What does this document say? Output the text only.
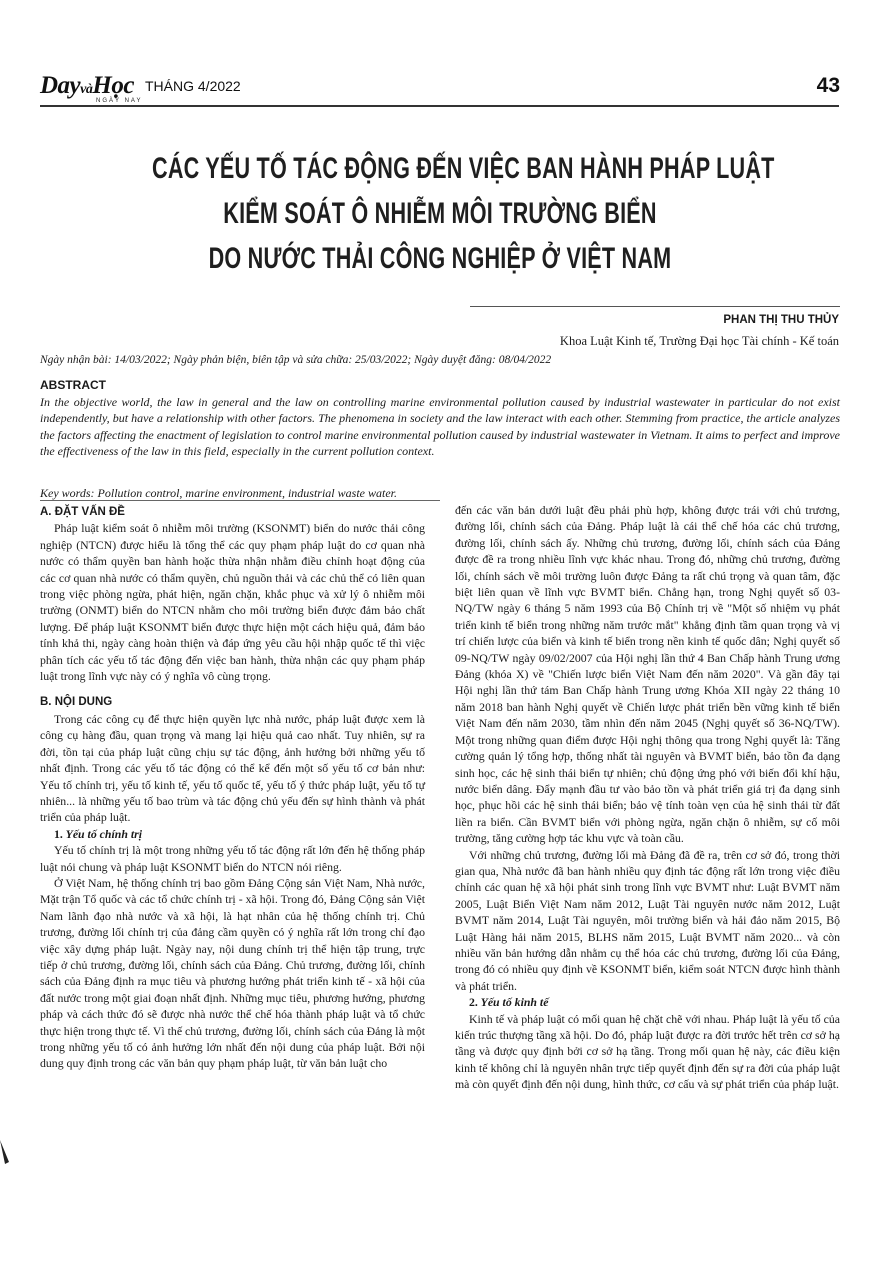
DayvàHọc
NGÀY NAY
THÁNG 4/2022	43
CÁC YẾU TỐ TÁC ĐỘNG ĐẾN VIỆC BAN HÀNH PHÁP LUẬT
KIỂM SOÁT Ô NHIỄM MÔI TRƯỜNG BIỂN
DO NƯỚC THẢI CÔNG NGHIỆP Ở VIỆT NAM
PHAN THỊ THU THỦY
Khoa Luật Kinh tế, Trường Đại học Tài chính - Kế toán
Ngày nhận bài: 14/03/2022; Ngày phản biện, biên tập và sửa chữa: 25/03/2022; Ngày duyệt đăng: 08/04/2022
ABSTRACT
In the objective world, the law in general and the law on controlling marine environmental pollution caused by industrial wastewater in particular do not exist independently, but have a relationship with other factors. The phenomena in society and the law interact with each other. Stemming from practice, the article analyzes the factors affecting the enactment of legislation to control marine environmental pollution caused by industrial wastewater in Vietnam. It aims to perfect and improve the effectiveness of the law in this field, especially in the current pollution context.
Key words: Pollution control, marine environment, industrial waste water.
A. ĐẶT VẤN ĐỀ

Pháp luật kiểm soát ô nhiễm môi trường (KSONMT) biển do nước thải công nghiệp (NTCN) được hiểu là tổng thể các quy phạm pháp luật do cơ quan nhà nước có thẩm quyền ban hành hoặc thừa nhận nhằm điều chỉnh hoạt động của các cơ quan nhà nước có thẩm quyền, chủ nguồn thải và các chủ thể có liên quan trong việc phòng ngừa, phát hiện, ngăn chặn, khắc phục và xử lý ô nhiễm môi trường (ONMT) biển do NTCN nhằm cho môi trường biển được đảm bảo chất lượng. Để pháp luật KSONMT biển được thực hiện một cách hiệu quả, đảm bảo tính khả thi, ngày càng hoàn thiện và đáp ứng yêu cầu hội nhập quốc tế thì việc phân tích các yếu tố tác động đến việc ban hành, thừa nhận các quy phạm pháp luật trong lĩnh vực này có ý nghĩa vô cùng trọng.

B. NỘI DUNG

Trong các công cụ để thực hiện quyền lực nhà nước, pháp luật được xem là công cụ hàng đầu, quan trọng và mang lại hiệu quả cao nhất. Tuy nhiên, sự ra đời, tồn tại của pháp luật cũng chịu sự tác động, ảnh hưởng bởi những yếu tố nhất định. Trong các yếu tố tác động có thể kể đến một số yếu tố cơ bản như: Yếu tố chính trị, yếu tố kinh tế, yếu tố quốc tế, yếu tố ý thức pháp luật, yếu tố tự nhiên... là những yếu tố bao trùm và tác động chủ yếu đến sự hình thành và phát triển của pháp luật.

1. Yếu tố chính trị

Yếu tố chính trị là một trong những yếu tố tác động rất lớn đến hệ thống pháp luật nói chung và pháp luật KSONMT biển do NTCN nói riêng.

Ở Việt Nam, hệ thống chính trị bao gồm Đảng Cộng sản Việt Nam, Nhà nước, Mặt trận Tổ quốc và các tổ chức chính trị - xã hội. Trong đó, Đảng Cộng sản Việt Nam lãnh đạo nhà nước và xã hội, là hạt nhân của hệ thống chính trị. Chủ trương, đường lối chính trị của đảng cầm quyền có ý nghĩa rất lớn trong chỉ đạo việc xây dựng pháp luật. Ngày nay, nội dung chính trị thể hiện tập trung, trực tiếp ở chủ trương, đường lối, chính sách của Đảng. Chủ trương, đường lối, chính sách của Đảng định ra mục tiêu và phương hướng phát triển kinh tế - xã hội của đất nước trong một giai đoạn nhất định. Những mục tiêu, phương hướng, phương pháp và cách thức đó sẽ được nhà nước thể chế hóa thành pháp luật và tổ chức thực hiện trong thực tế. Vì thế chủ trương, đường lối, chính sách của Đảng là một trong những yếu tố có ảnh hưởng lớn nhất đến nội dung của pháp luật. Bởi nội dung quy định trong các văn bản quy phạm pháp luật, từ văn bản luật cho

đến các văn bản dưới luật đều phải phù hợp, không được trái với chủ trương, đường lối, chính sách của Đảng. Pháp luật là cái thể chế hóa các chủ trương, đường lối, chính sách ấy. Những chủ trương, đường lối, chính sách của Đảng được đề ra trong nhiều lĩnh vực khác nhau. Trong đó, những chủ trương, đường lối, chính sách về môi trường luôn được Đảng ta rất chú trọng và quan tâm, đặc biệt liên quan về lĩnh vực BVMT biển. Chẳng hạn, trong Nghị quyết số 03-NQ/TW ngày 6 tháng 5 năm 1993 của Bộ Chính trị về "Một số nhiệm vụ phát triển kinh tế biển trong những năm trước mắt" khẳng định tầm quan trọng và vị trí chiến lược của biển và kinh tế biển trong nền kinh tế quốc dân; Nghị quyết số 09-NQ/TW ngày 09/02/2007 của Hội nghị lần thứ 4 Ban Chấp hành Trung ương Đảng (khóa X) về "Chiến lược biển Việt Nam đến năm 2020". Và gần đây tại Hội nghị lần thứ tám Ban Chấp hành Trung ương Khóa XII ngày 22 tháng 10 năm 2018 ban hành Nghị quyết về Chiến lược phát triển bền vững kinh tế biển Việt Nam đến năm 2030, tầm nhìn đến năm 2045 (Nghị quyết số 36-NQ/TW). Một trong những quan điểm được Hội nghị thông qua trong Nghị quyết là: Tăng cường quản lý tổng hợp, thống nhất tài nguyên và BVMT biển, bảo tồn đa dạng sinh học, các hệ sinh thái biển tự nhiên; chủ động ứng phó với biến đổi khí hậu, nước biển dâng. Đẩy mạnh đầu tư vào bảo tồn và phát triển giá trị đa dạng sinh học, phục hồi các hệ sinh thái biển; bảo vệ tính toàn vẹn của hệ sinh thái từ đất liền ra biển. Cần BVMT biển với phòng ngừa, ngăn chặn ô nhiễm, sự cố môi trường, tăng cường hợp tác khu vực và toàn cầu.

Với những chủ trương, đường lối mà Đảng đã đề ra, trên cơ sở đó, trong thời gian qua, Nhà nước đã ban hành nhiều quy định tác động rất lớn trong việc điều chỉnh các quan hệ xã hội phát sinh trong lĩnh vực BVMT như: Luật BVMT năm 2005, Luật Biển Việt Nam năm 2012, Luật Tài nguyên nước năm 2012, Luật BVMT năm 2014, Luật Tài nguyên, môi trường biển và hải đảo năm 2015, Bộ Luật Hàng hải năm 2015, BLHS năm 2015, Luật BVMT năm 2020... và còn nhiều văn bản hướng dẫn nhằm cụ thể hóa các chủ trương, đường lối của Đảng, trong đó có nhiều quy định về KSONMT biển, kiểm soát NTCN được hình thành và phát triển.

2. Yếu tố kinh tế

Kinh tế và pháp luật có mối quan hệ chặt chẽ với nhau. Pháp luật là yếu tố của kiến trúc thượng tầng xã hội. Do đó, pháp luật được ra đời trước hết trên cơ sở hạ tầng và được quy định bởi cơ sở hạ tầng. Trong mối quan hệ này, các điều kiện kinh tế không chỉ là nguyên nhân trực tiếp quyết định đến sự ra đời của pháp luật mà còn quyết định đến nội dung, hình thức, cơ cấu và sự phát triển của pháp luật.
